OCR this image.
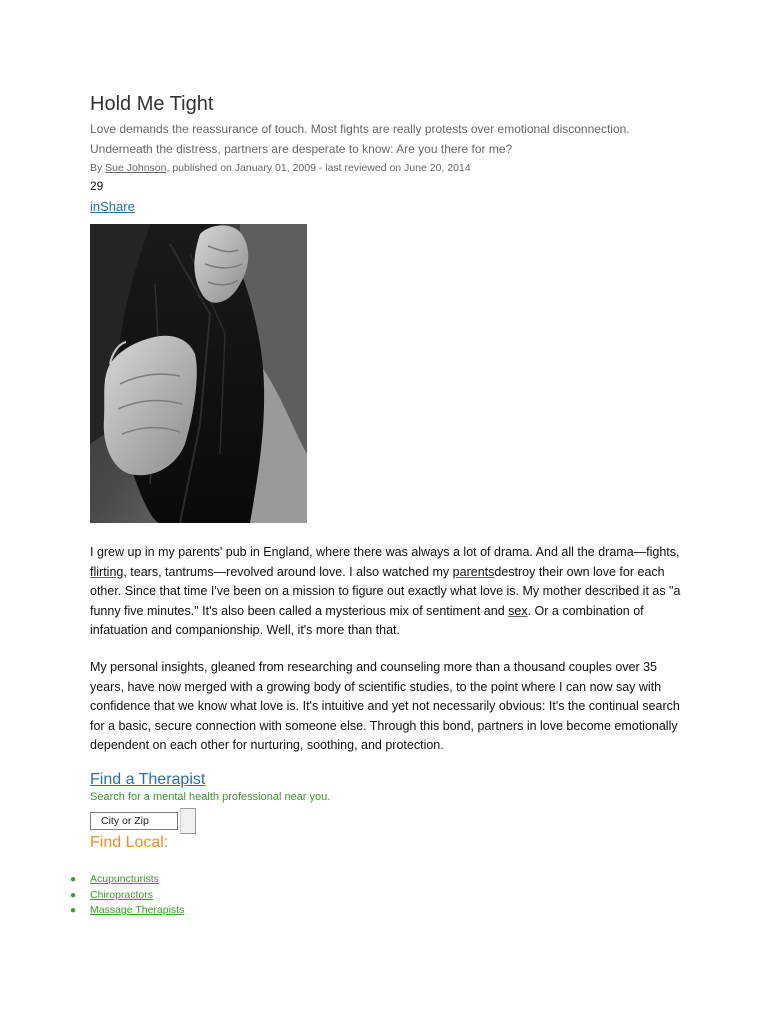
Hold Me Tight

Love demands the reassurance of touch. Most fights are really protests over emotional disconnection. Underneath the distress, partners are desperate to know: Are you there for me?

By Sue Johnson, published on January 01, 2009 - last reviewed on June 20, 2014
29
inShare

I grew up in my parents' pub in England, where there was always a lot of drama. And all the drama—fights, flirting, tears, tantrums—revolved around love. I also watched my parentsdestroy their own love for each other. Since that time I've been on a mission to figure out exactly what love is. My mother described it as "a funny five minutes." It's also been called a mysterious mix of sentiment and sex. Or a combination of infatuation and companionship. Well, it's more than that.

My personal insights, gleaned from researching and counseling more than a thousand couples over 35 years, have now merged with a growing body of scientific studies, to the point where I can now say with confidence that we know what love is. It's intuitive and yet not necessarily obvious: It's the continual search for a basic, secure connection with someone else. Through this bond, partners in love become emotionally dependent on each other for nurturing, soothing, and protection.

Find a Therapist
Search for a mental health professional near you.
City or Zip
Find Local:
● Acupuncturists
● Chiropractors
● Massage Therapists
